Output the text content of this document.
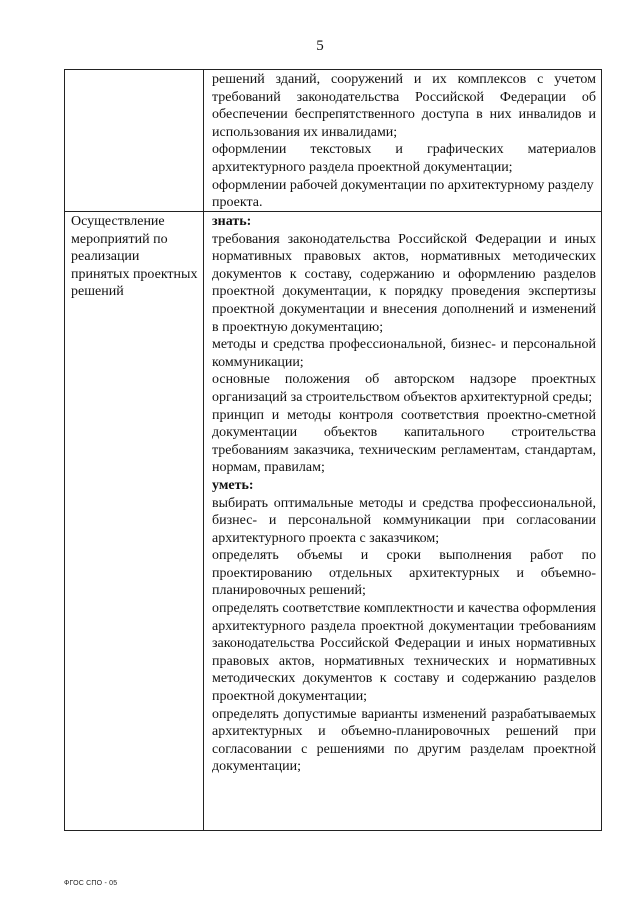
5

решений зданий, сооружений и их комплексов с учетом требований законодательства Российской Федерации об обеспечении беспрепятственного доступа в них инвалидов и использования их инвалидами;

оформлении текстовых и графических материалов архитектурного раздела проектной документации;

оформлении рабочей документации по архитектурному разделу проекта.

Осуществление мероприятий по реализации принятых проектных решений

знать:

требования законодательства Российской Федерации и иных нормативных правовых актов, нормативных методических документов к составу, содержанию и оформлению разделов проектной документации, к порядку проведения экспертизы проектной документации и внесения дополнений и изменений в проектную документацию;

методы и средства профессиональной, бизнес- и персональной коммуникации;

основные положения об авторском надзоре проектных организаций за строительством объектов архитектурной среды;

принцип и методы контроля соответствия проектно-сметной документации объектов капитального строительства требованиям заказчика, техническим регламентам, стандартам, нормам, правилам;

уметь:

выбирать оптимальные методы и средства профессиональной, бизнес- и персональной коммуникации при согласовании архитектурного проекта с заказчиком;

определять объемы и сроки выполнения работ по проектированию отдельных архитектурных и объемно-планировочных решений;

определять соответствие комплектности и качества оформления архитектурного раздела проектной документации требованиям законодательства Российской Федерации и иных нормативных правовых актов, нормативных технических и нормативных методических документов к составу и содержанию разделов проектной документации;

определять допустимые варианты изменений разрабатываемых архитектурных и объемно-планировочных решений при согласовании с решениями по другим разделам проектной документации;

ФГОС СПО - 05
